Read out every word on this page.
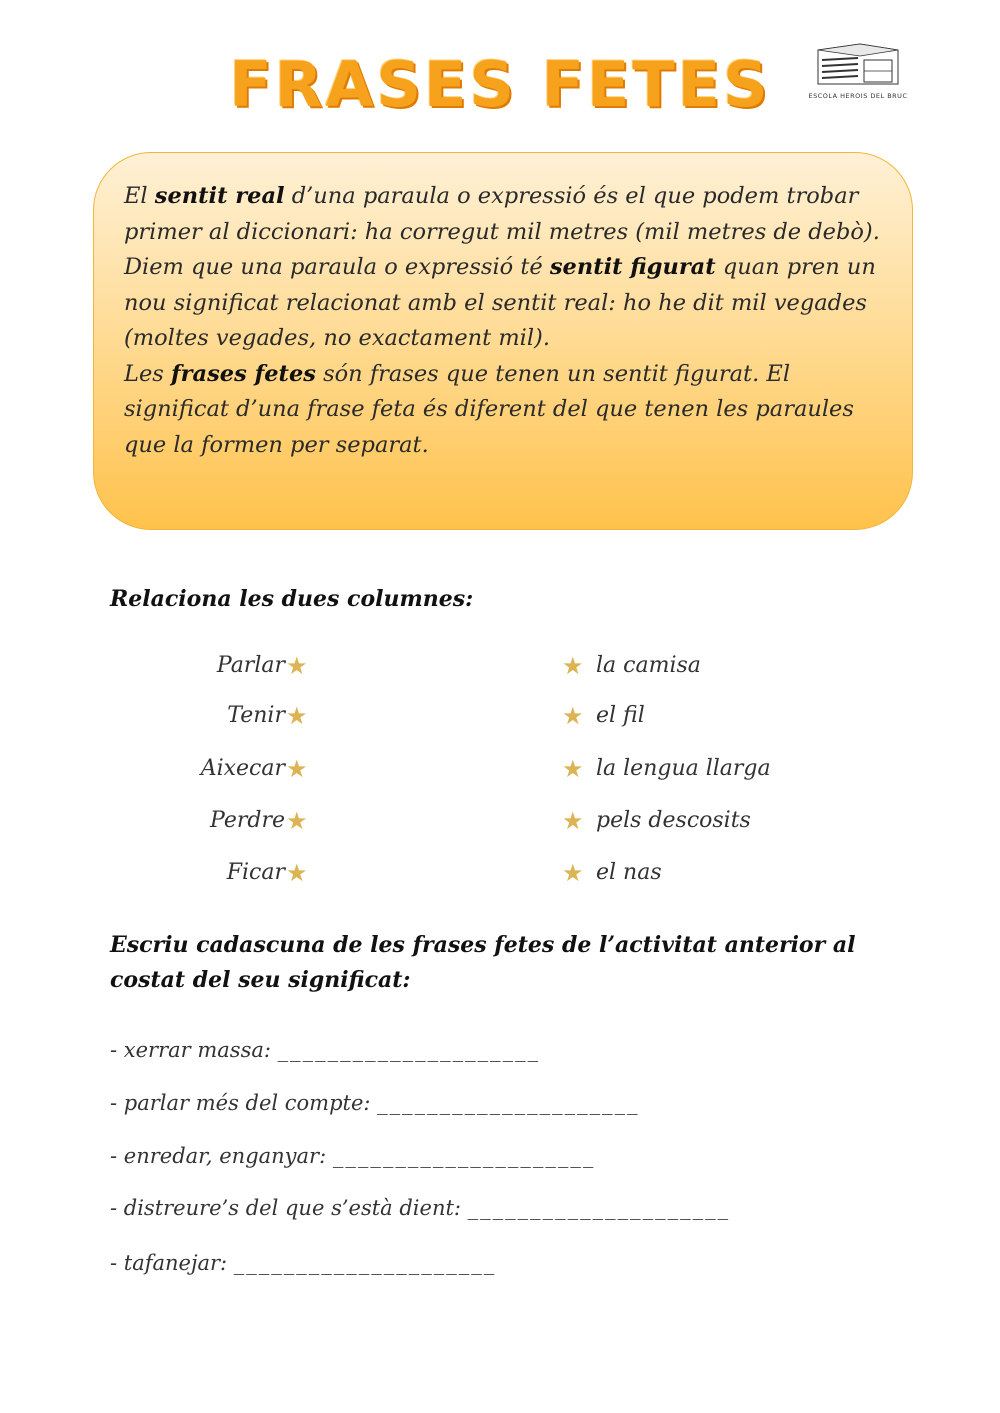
FRASES FETES	ESCOLA HEROIS DEL BRUC

El sentit real d’una paraula o expressió és el que podem trobar primer al diccionari: ha corregut mil metres (mil metres de debò).

Diem que una paraula o expressió té sentit figurat quan pren un nou significat relacionat amb el sentit real: ho he dit mil vegades (moltes vegades, no exactament mil).

Les frases fetes són frases que tenen un sentit figurat. El significat d’una frase feta és diferent del que tenen les paraules que la formen per separat.

Relaciona les dues columnes:
Parlar
Tenir
Aixecar
Perdre
Ficar
★
★
★
★
★
★
★
★
★
★
la camisa
el fil
la lengua llarga
pels descosits
el nas
Escriu cadascuna de les frases fetes de l’activitat anterior al
costat del seu significat:
- xerrar massa: _____________________
- parlar més del compte: _____________________
- enredar, enganyar: _____________________
- distreure’s del que s’està dient: _____________________
- tafanejar: _____________________
